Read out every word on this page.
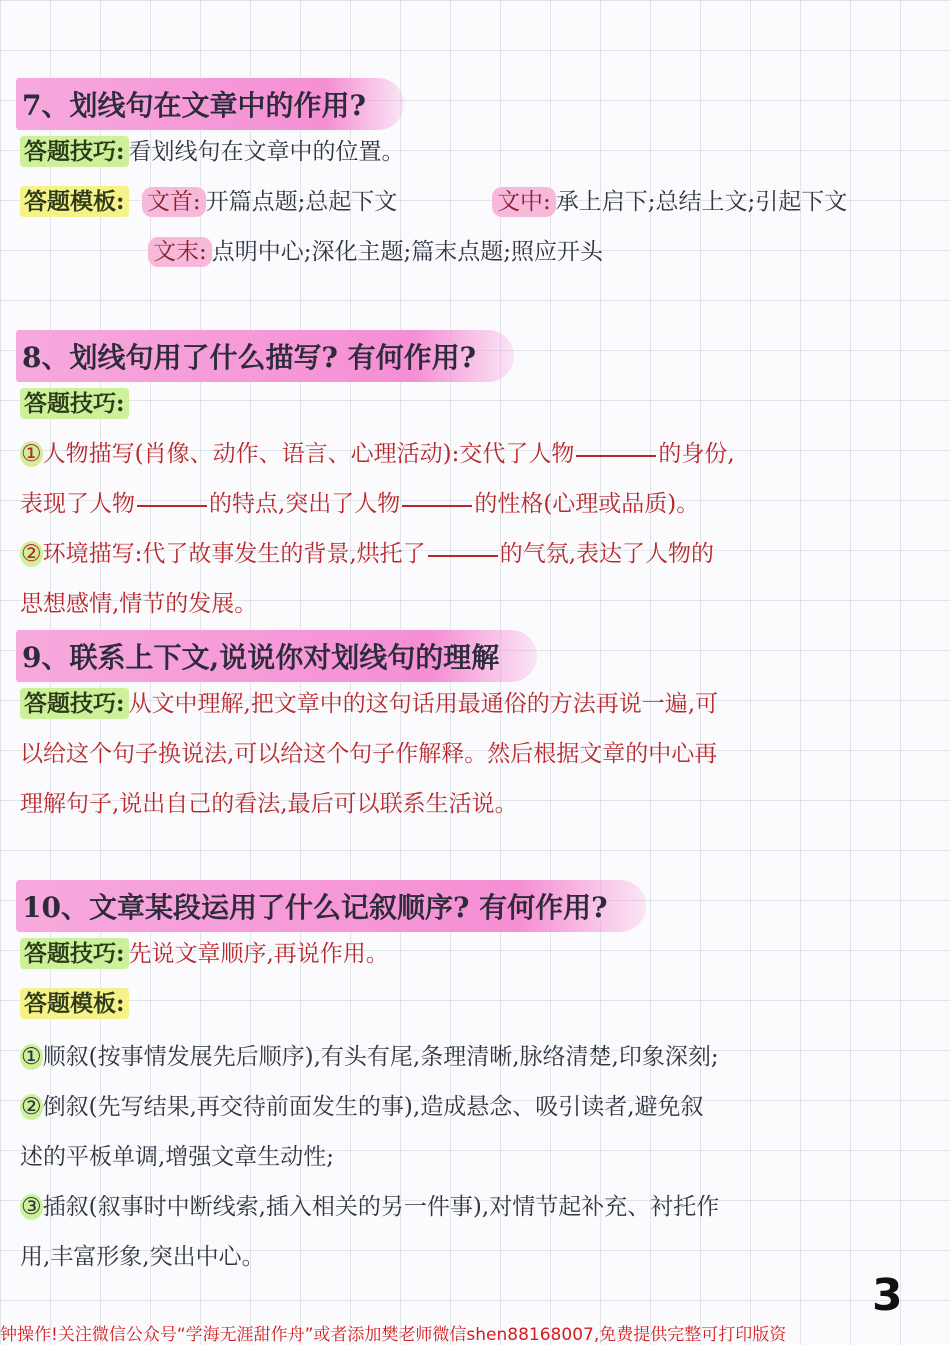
7、划线句在文章中的作用?
答题技巧: 看划线句在文章中的位置。
答题模板: 文首: 开篇点题;总起下文	文中: 承上启下;总结上文;引起下文
文末: 点明中心;深化主题;篇末点题;照应开头
8、划线句用了什么描写? 有何作用?
答题技巧:
①人物描写(肖像、动作、语言、心理活动):交代了人物	的身份,
表现了人物	的特点,突出了人物	的性格(心理或品质)。
②环境描写:代了故事发生的背景,烘托了	的气氛,表达了人物的
思想感情,情节的发展。
9、联系上下文,说说你对划线句的理解
答题技巧: 从文中理解,把文章中的这句话用最通俗的方法再说一遍,可
以给这个句子换说法,可以给这个句子作解释。然后根据文章的中心再
理解句子,说出自己的看法,最后可以联系生活说。
10、文章某段运用了什么记叙顺序? 有何作用?
答题技巧: 先说文章顺序,再说作用。
答题模板:
①顺叙(按事情发展先后顺序),有头有尾,条理清晰,脉络清楚,印象深刻;
②倒叙(先写结果,再交待前面发生的事),造成悬念、吸引读者,避免叙
述的平板单调,增强文章生动性;
③插叙(叙事时中断线索,插入相关的另一件事),对情节起补充、衬托作
用,丰富形象,突出中心。
3
钟操作!关注微信公众号“学海无涯甜作舟”或者添加樊老师微信shen88168007,免费提供完整可打印版资
